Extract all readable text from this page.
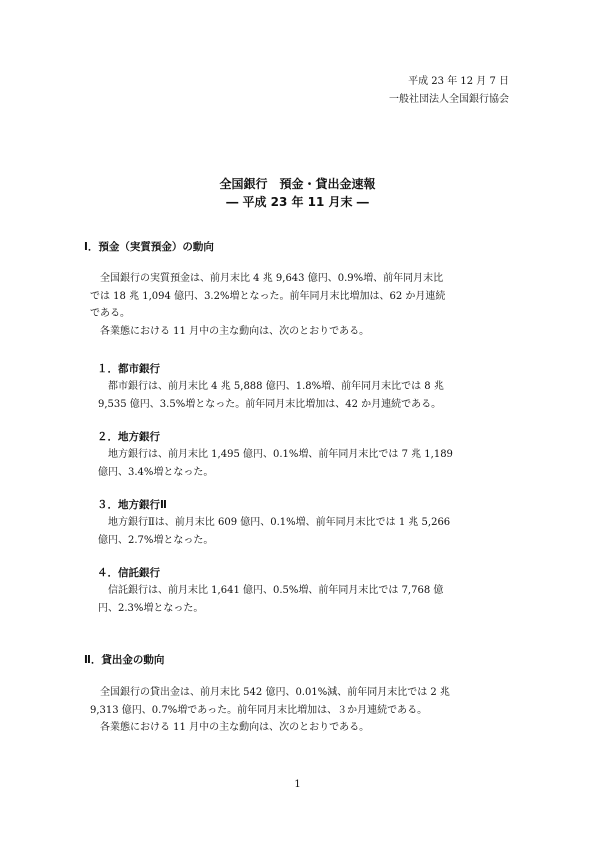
平成 23 年 12 月 7 日
一般社団法人全国銀行協会
全国銀行　預金・貸出金速報
― 平成 23 年 11 月末 ―
Ⅰ．預金（実質預金）の動向
　全国銀行の実質預金は、前月末比 4 兆 9,643 億円、0.9%増、前年同月末比
では 18 兆 1,094 億円、3.2%増となった。前年同月末比増加は、62 か月連続
である。
　各業態における 11 月中の主な動向は、次のとおりである。
１．都市銀行
　都市銀行は、前月末比 4 兆 5,888 億円、1.8%増、前年同月末比では 8 兆
9,535 億円、3.5%増となった。前年同月末比増加は、42 か月連続である。
２．地方銀行
　地方銀行は、前月末比 1,495 億円、0.1%増、前年同月末比では 7 兆 1,189
億円、3.4%増となった。
３．地方銀行Ⅱ
　地方銀行Ⅱは、前月末比 609 億円、0.1%増、前年同月末比では 1 兆 5,266
億円、2.7%増となった。
４．信託銀行
　信託銀行は、前月末比 1,641 億円、0.5%増、前年同月末比では 7,768 億
円、2.3%増となった。
Ⅱ．貸出金の動向
　全国銀行の貸出金は、前月末比 542 億円、0.01%減、前年同月末比では 2 兆
9,313 億円、0.7%増であった。前年同月末比増加は、３か月連続である。
　各業態における 11 月中の主な動向は、次のとおりである。
1
